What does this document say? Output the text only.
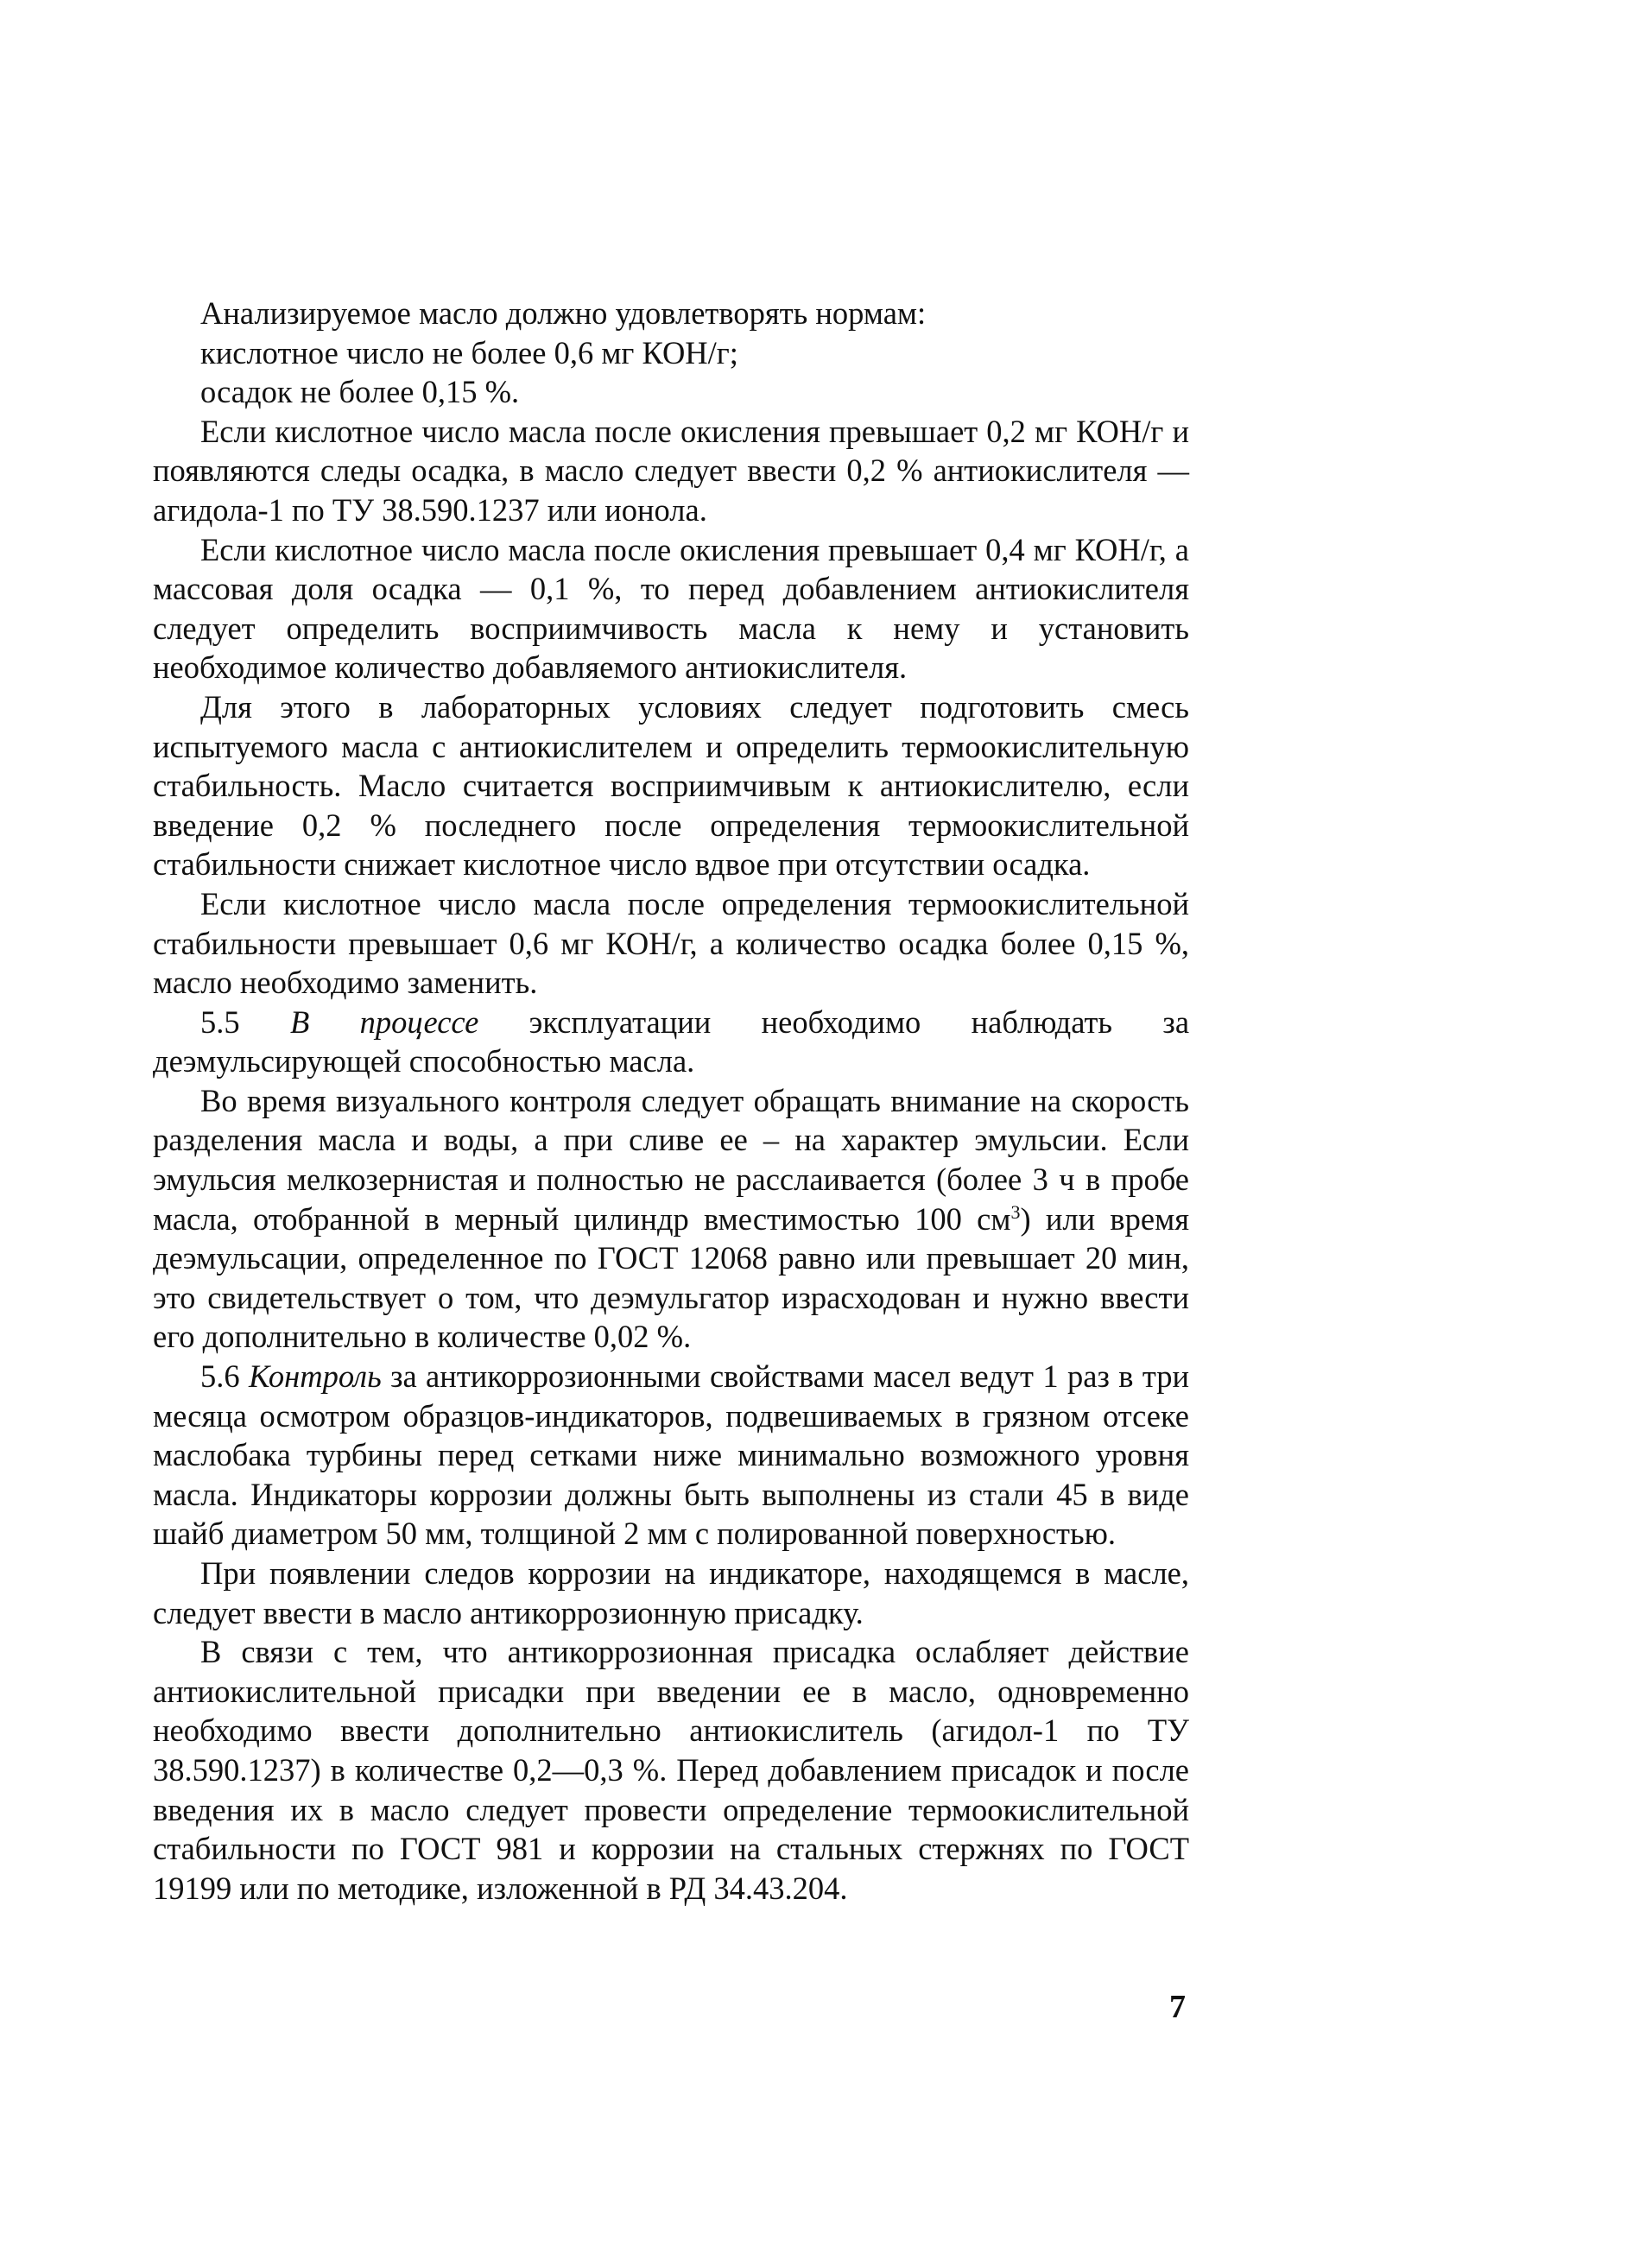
Анализируемое масло должно удовлетворять нормам:
кислотное число не более 0,6 мг КОН/г;
осадок не более 0,15 %.

Если кислотное число масла после окисления превышает 0,2 мг КОН/г и появляются следы осадка, в масло следует ввести 0,2 % антиокислителя — агидола-1 по ТУ 38.590.1237 или ионола.

Если кислотное число масла после окисления превышает 0,4 мг КОН/г, а массовая доля осадка — 0,1 %, то перед добавлением антиокислителя следует определить восприимчивость масла к нему и установить необходимое количество добавляемого антиокислителя.

Для этого в лабораторных условиях следует подготовить смесь испытуемого масла с антиокислителем и определить термоокислительную стабильность. Масло считается восприимчивым к антиокислителю, если введение 0,2 % последнего после определения термоокислительной стабильности снижает кислотное число вдвое при отсутствии осадка.

Если кислотное число масла после определения термоокислительной стабильности превышает 0,6 мг КОН/г, а количество осадка более 0,15 %, масло необходимо заменить.

5.5 В процессе эксплуатации необходимо наблюдать за деэмульсирующей способностью масла.

Во время визуального контроля следует обращать внимание на скорость разделения масла и воды, а при сливе ее – на характер эмульсии. Если эмульсия мелкозернистая и полностью не расслаивается (более 3 ч в пробе масла, отобранной в мерный цилиндр вместимостью 100 $см^3$) или время деэмульсации, определенное по ГОСТ 12068 равно или превышает 20 мин, это свидетельствует о том, что деэмульгатор израсходован и нужно ввести его дополнительно в количестве 0,02 %.

5.6 Контроль за антикоррозионными свойствами масел ведут 1 раз в три месяца осмотром образцов-индикаторов, подвешиваемых в грязном отсеке маслобака турбины перед сетками ниже минимально возможного уровня масла. Индикаторы коррозии должны быть выполнены из стали 45 в виде шайб диаметром 50 мм, толщиной 2 мм с полированной поверхностью.

При появлении следов коррозии на индикаторе, находящемся в масле, следует ввести в масло антикоррозионную присадку.

В связи с тем, что антикоррозионная присадка ослабляет действие антиокислительной присадки при введении ее в масло, одновременно необходимо ввести дополнительно антиокислитель (агидол-1 по ТУ 38.590.1237) в количестве 0,2—0,3 %. Перед добавлением присадок и после введения их в масло следует провести определение термоокислительной стабильности по ГОСТ 981 и коррозии на стальных стержнях по ГОСТ 19199 или по методике, изложенной в РД 34.43.204.

7
